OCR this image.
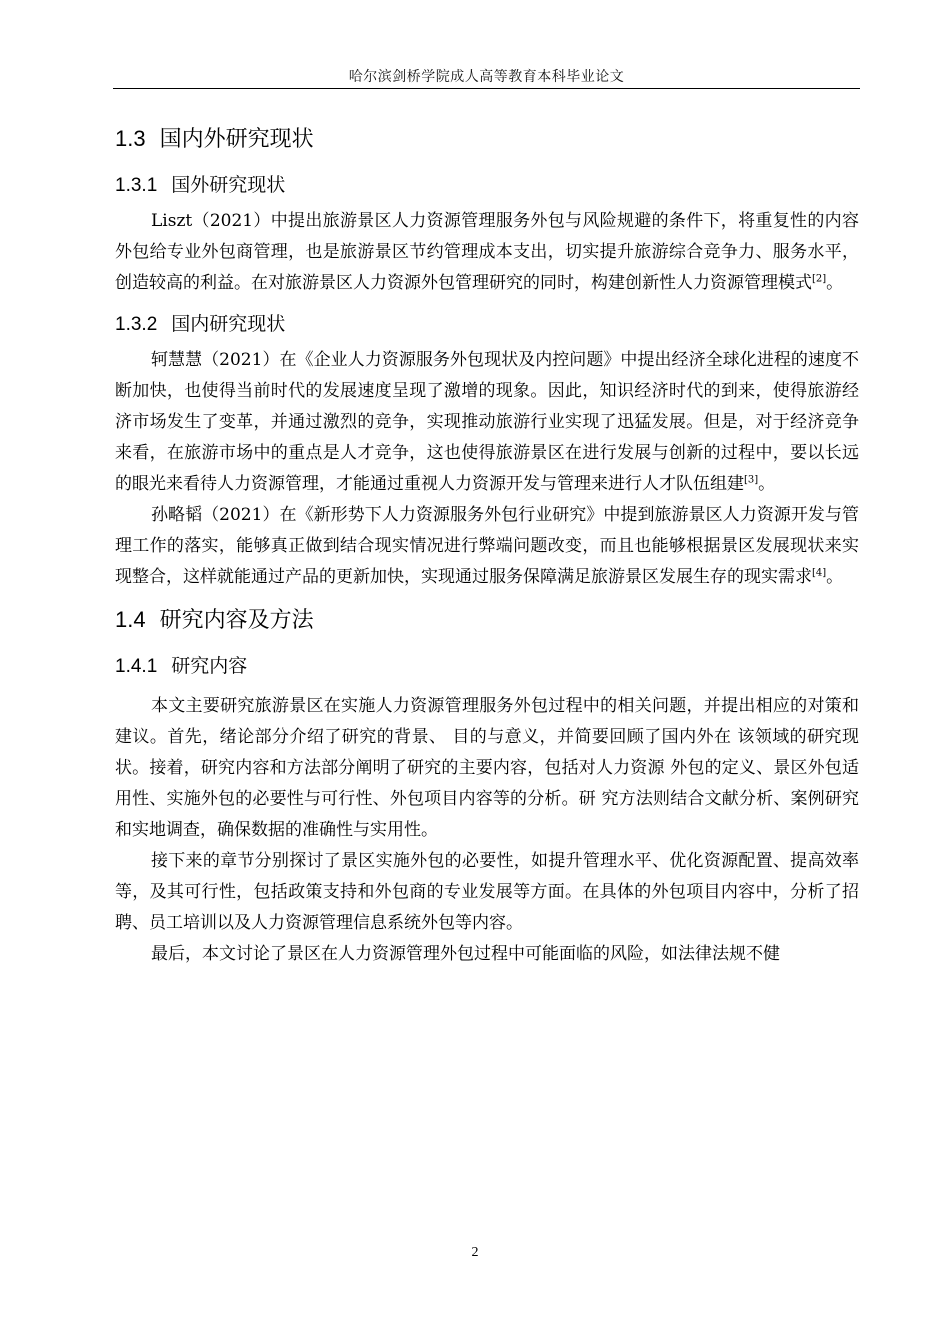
哈尔滨剑桥学院成人高等教育本科毕业论文
1.3 国内外研究现状
1.3.1 国外研究现状

Liszt（2021）中提出旅游景区人力资源管理服务外包与风险规避的条件下，将重复性的内容外包给专业外包商管理，也是旅游景区节约管理成本支出，切实提升旅游综合竞争力、服务水平，创造较高的利益。在对旅游景区人力资源外包管理研究的同时，构建创新性人力资源管理模式[2]。

1.3.2 国内研究现状

轲慧慧（2021）在《企业人力资源服务外包现状及内控问题》中提出经济全球化进程的速度不断加快，也使得当前时代的发展速度呈现了激增的现象。因此，知识经济时代的到来，使得旅游经济市场发生了变革，并通过激烈的竞争，实现推动旅游行业实现了迅猛发展。但是，对于经济竞争来看，在旅游市场中的重点是人才竞争，这也使得旅游景区在进行发展与创新的过程中，要以长远的眼光来看待人力资源管理，才能通过重视人力资源开发与管理来进行人才队伍组建[3]。

孙略韬（2021）在《新形势下人力资源服务外包行业研究》中提到旅游景区人力资源开发与管理工作的落实，能够真正做到结合现实情况进行弊端问题改变，而且也能够根据景区发展现状来实现整合，这样就能通过产品的更新加快，实现通过服务保障满足旅游景区发展生存的现实需求[4]。

1.4 研究内容及方法
1.4.1 研究内容

本文主要研究旅游景区在实施人力资源管理服务外包过程中的相关问题，并提出相应的对策和建议。首先，绪论部分介绍了研究的背景、 目的与意义，并简要回顾了国内外在 该领域的研究现状。接着，研究内容和方法部分阐明了研究的主要内容，包括对人力资源 外包的定义、景区外包适用性、实施外包的必要性与可行性、外包项目内容等的分析。研 究方法则结合文献分析、案例研究和实地调查，确保数据的准确性与实用性。

接下来的章节分别探讨了景区实施外包的必要性，如提升管理水平、优化资源配置、提高效率等，及其可行性，包括政策支持和外包商的专业发展等方面。在具体的外包项目内容中，分析了招聘、员工培训以及人力资源管理信息系统外包等内容。

最后，本文讨论了景区在人力资源管理外包过程中可能面临的风险，如法律法规不健

2
